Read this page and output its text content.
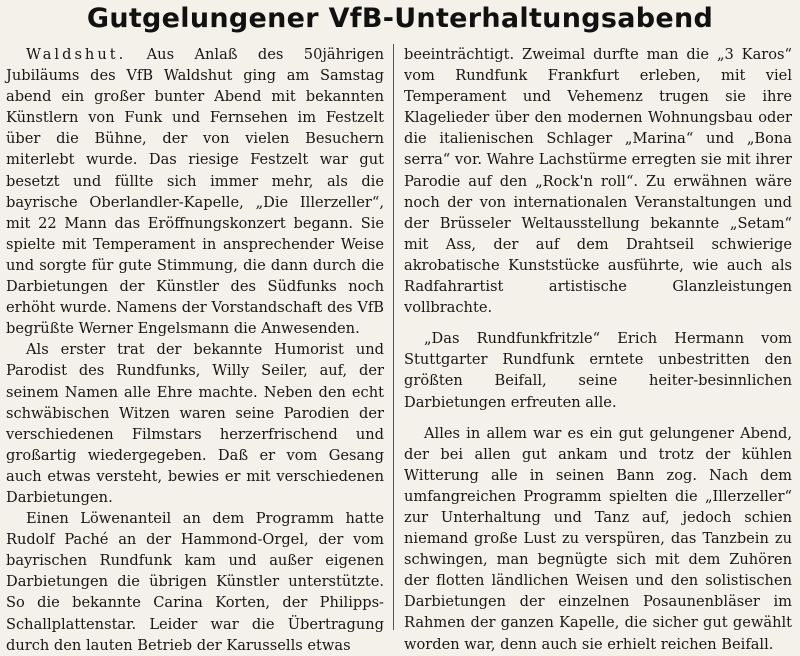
Gutgelungener VfB-Unterhaltungsabend

Waldshut. Aus Anlaß des 50jährigen Jubiläums des VfB Waldshut ging am Samstag abend ein großer bunter Abend mit bekannten Künstlern von Funk und Fernsehen im Festzelt über die Bühne, der von vielen Besuchern miterlebt wurde. Das riesige Festzelt war gut besetzt und füllte sich immer mehr, als die bayrische Oberlandler-Kapelle, „Die Illerzeller“, mit 22 Mann das Eröffnungskonzert begann. Sie spielte mit Temperament in ansprechender Weise und sorgte für gute Stimmung, die dann durch die Darbietungen der Künstler des Südfunks noch erhöht wurde. Namens der Vorstandschaft des VfB begrüßte Werner Engelsmann die Anwesenden.

Als erster trat der bekannte Humorist und Parodist des Rundfunks, Willy Seiler, auf, der seinem Namen alle Ehre machte. Neben den echt schwäbischen Witzen waren seine Parodien der verschiedenen Filmstars herzerfrischend und großartig wiedergegeben. Daß er vom Gesang auch etwas versteht, bewies er mit verschiedenen Darbietungen.

Einen Löwenanteil an dem Programm hatte Rudolf Paché an der Hammond-Orgel, der vom bayrischen Rundfunk kam und außer eigenen Darbietungen die übrigen Künstler unterstützte. So die bekannte Carina Korten, der Philipps-Schallplattenstar. Leider war die Übertragung durch den lauten Betrieb der Karussells etwas

beeinträchtigt. Zweimal durfte man die „3 Karos“ vom Rundfunk Frankfurt erleben, mit viel Temperament und Vehemenz trugen sie ihre Klagelieder über den modernen Wohnungsbau oder die italienischen Schlager „Marina“ und „Bona serra“ vor. Wahre Lachstürme erregten sie mit ihrer Parodie auf den „Rock'n roll“. Zu erwähnen wäre noch der von internationalen Veranstaltungen und der Brüsseler Weltausstellung bekannte „Setam“ mit Ass, der auf dem Drahtseil schwierige akrobatische Kunststücke ausführte, wie auch als Radfahrartist artistische Glanzleistungen vollbrachte.

„Das Rundfunkfritzle“ Erich Hermann vom Stuttgarter Rundfunk erntete unbestritten den größten Beifall, seine heiter-besinnlichen Darbietungen erfreuten alle.

Alles in allem war es ein gut gelungener Abend, der bei allen gut ankam und trotz der kühlen Witterung alle in seinen Bann zog. Nach dem umfangreichen Programm spielten die „Illerzeller“ zur Unterhaltung und Tanz auf, jedoch schien niemand große Lust zu verspüren, das Tanzbein zu schwingen, man begnügte sich mit dem Zuhören der flotten ländlichen Weisen und den solistischen Darbietungen der einzelnen Posaunenbläser im Rahmen der ganzen Kapelle, die sicher gut gewählt worden war, denn auch sie erhielt reichen Beifall.
